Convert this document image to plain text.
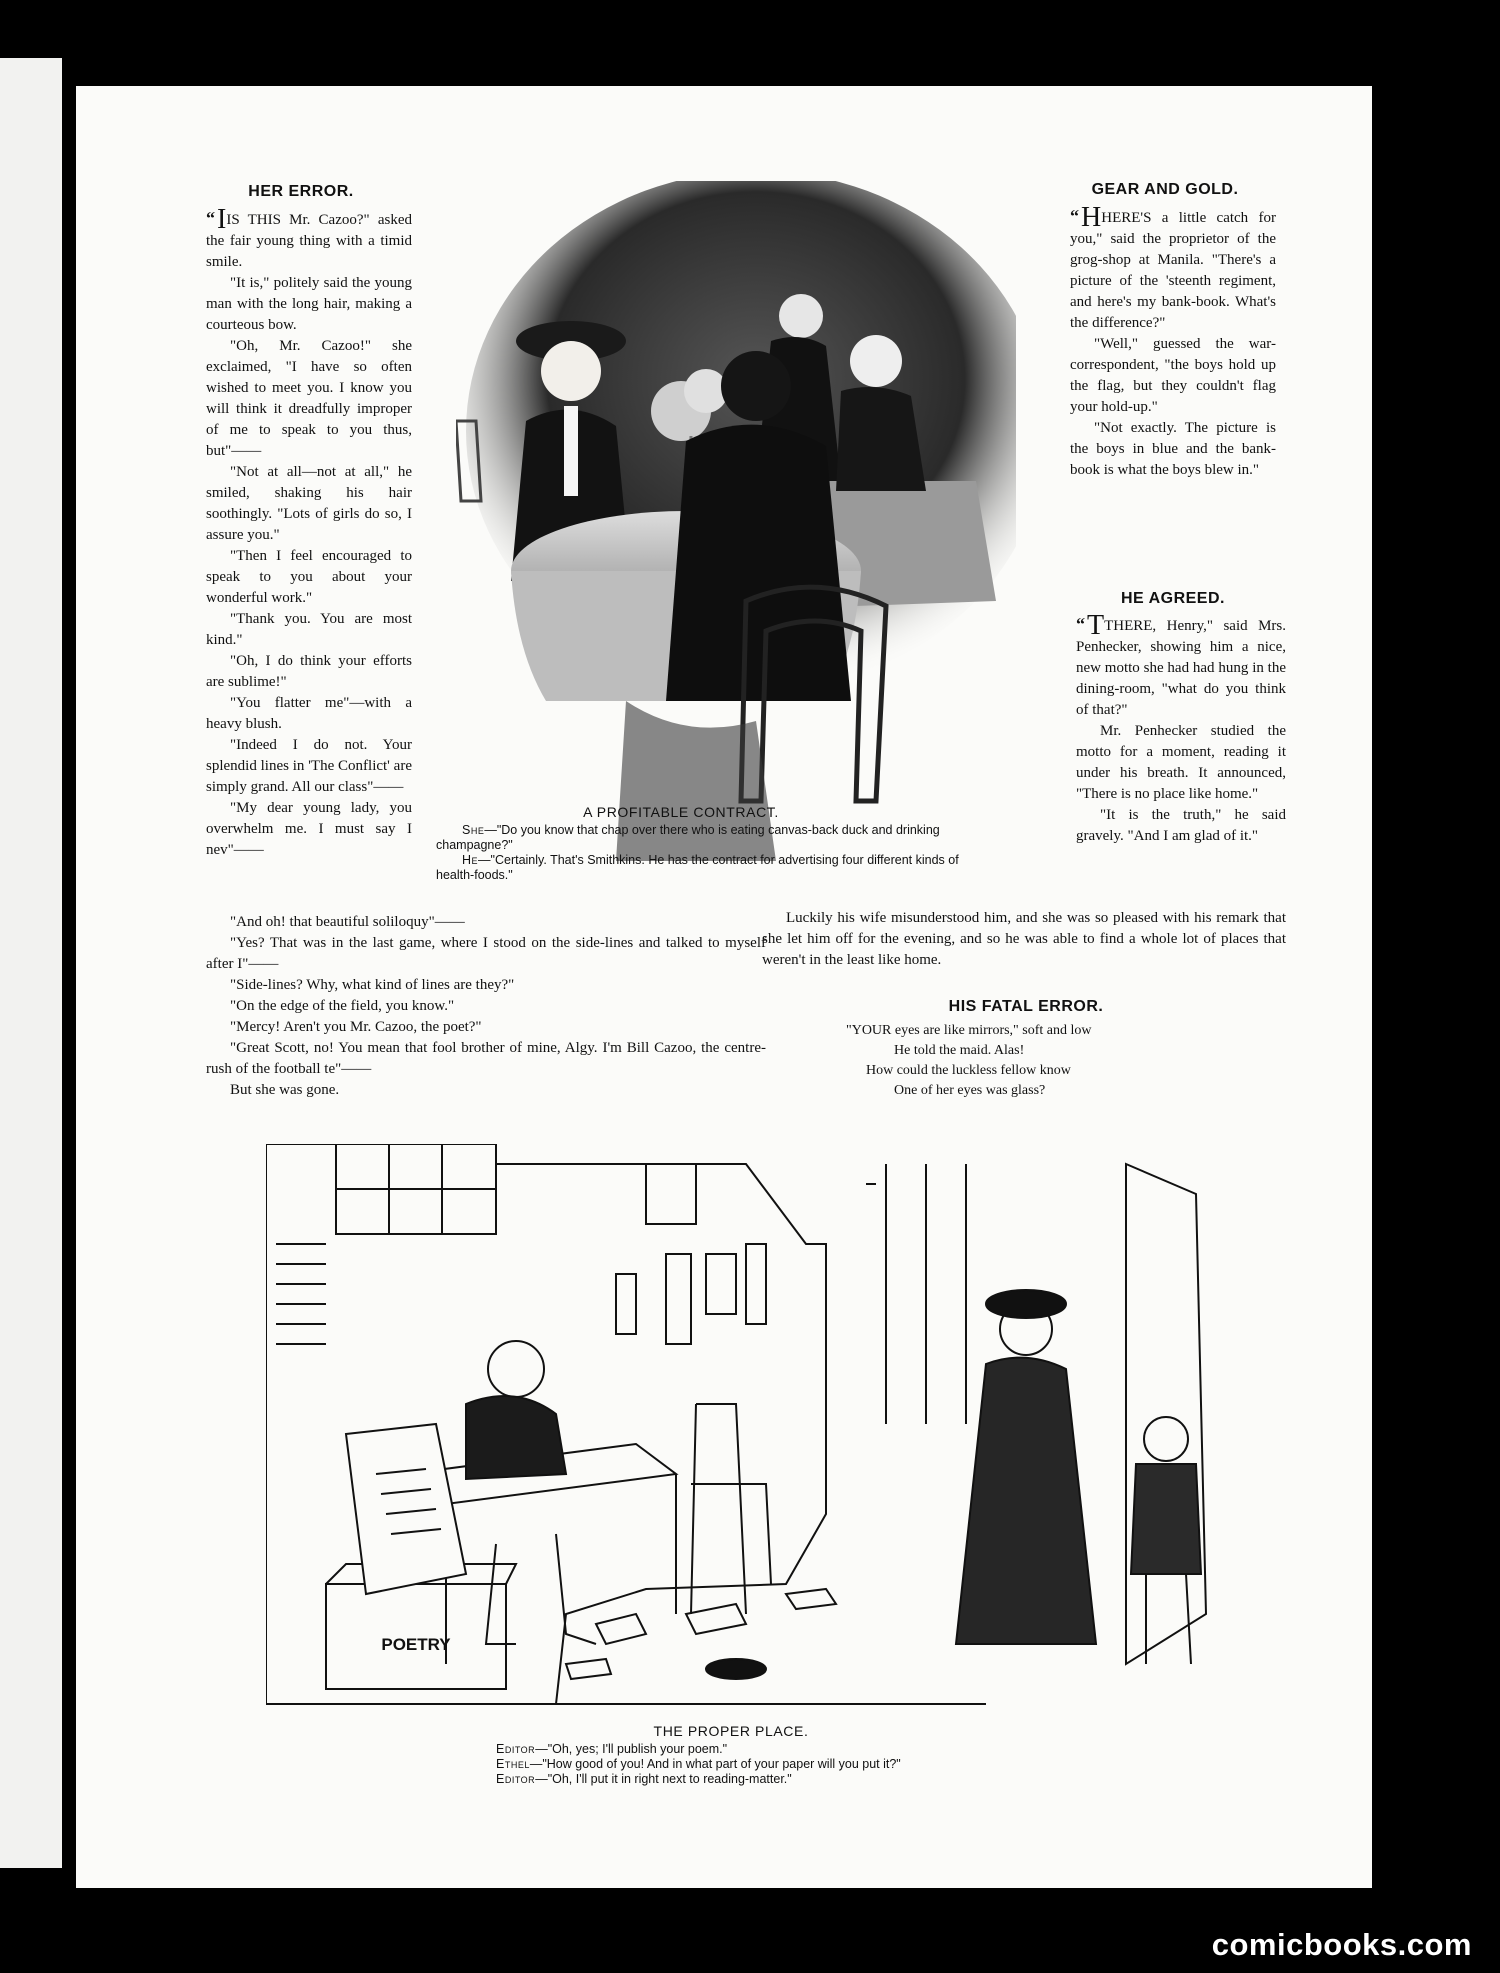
HER ERROR.

“IIS THIS Mr. Cazoo?" asked the fair young thing with a timid smile.

"It is," politely said the young man with the long hair, making a courteous bow.

"Oh, Mr. Cazoo!" she exclaimed, "I have so often wished to meet you. I know you will think it dreadfully improper of me to speak to you thus, but"——

"Not at all—not at all," he smiled, shaking his hair soothingly. "Lots of girls do so, I assure you."

"Then I feel encouraged to speak to you about your wonderful work."

"Thank you. You are most kind."

"Oh, I do think your efforts are sublime!"

"You flatter me"—with a heavy blush.

"Indeed I do not. Your splendid lines in 'The Conflict' are simply grand. All our class"——

"My dear young lady, you overwhelm me. I must say I nev"——

"And oh! that beautiful soliloquy"——

"Yes? That was in the last game, where I stood on the side-lines and talked to myself after I"——

"Side-lines? Why, what kind of lines are they?"

"On the edge of the field, you know."

"Mercy! Aren't you Mr. Cazoo, the poet?"

"Great Scott, no! You mean that fool brother of mine, Algy. I'm Bill Cazoo, the centre-rush of the football te"——

But she was gone.

A PROFITABLE CONTRACT.

She—"Do you know that chap over there who is eating canvas-back duck and drinking champagne?"

He—"Certainly. That's Smithkins. He has the contract for advertising four different kinds of health-foods."

GEAR AND GOLD.

“HHERE'S a little catch for you," said the proprietor of the grog-shop at Manila. "There's a picture of the 'steenth regiment, and here's my bank-book. What's the difference?"

"Well," guessed the war-correspondent, "the boys hold up the flag, but they couldn't flag your hold-up."

"Not exactly. The picture is the boys in blue and the bank-book is what the boys blew in."

HE AGREED.

“TTHERE, Henry," said Mrs. Penhecker, showing him a nice, new motto she had had hung in the dining-room, "what do you think of that?"

Mr. Penhecker studied the motto for a moment, reading it under his breath. It announced, "There is no place like home."

"It is the truth," he said gravely. "And I am glad of it."

Luckily his wife misunderstood him, and she was so pleased with his remark that she let him off for the evening, and so he was able to find a whole lot of places that weren't in the least like home.

HIS FATAL ERROR.
"YOUR eyes are like mirrors," soft and low
He told the maid. Alas!
How could the luckless fellow know
One of her eyes was glass?
POETRY
THE PROPER PLACE.
Editor—"Oh, yes; I'll publish your poem."
Ethel—"How good of you! And in what part of your paper will you put it?"
Editor—"Oh, I'll put it in right next to reading-matter."
comicbooks.com
